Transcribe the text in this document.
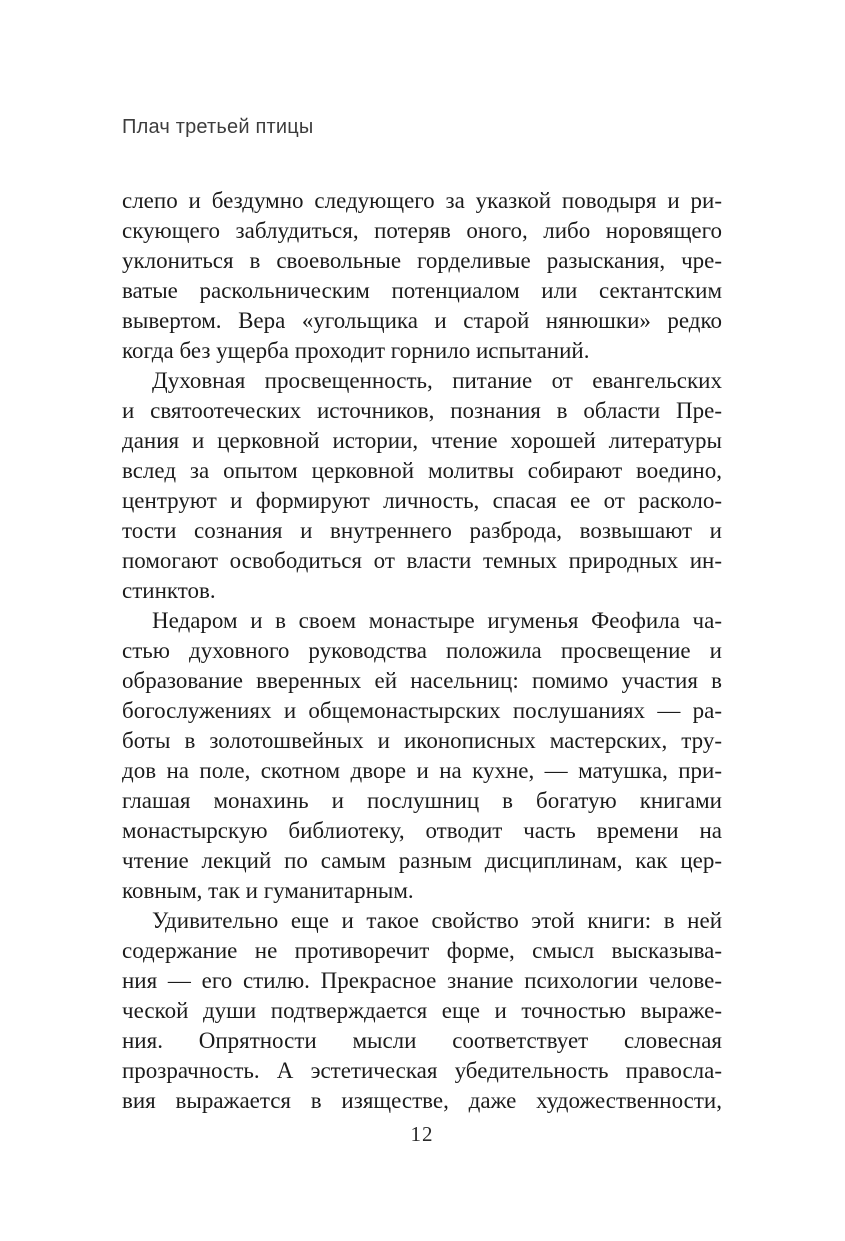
Плач третьей птицы
слепо и бездумно следующего за указкой поводыря и ри-
скующего заблудиться, потеряв оного, либо норовящего
уклониться в своевольные горделивые разыскания, чре-
ватые раскольническим потенциалом или сектантским
вывертом. Вера «угольщика и старой нянюшки» редко
когда без ущерба проходит горнило испытаний.
Духовная просвещенность, питание от евангельских
и святоотеческих источников, познания в области Пре-
дания и церковной истории, чтение хорошей литературы
вслед за опытом церковной молитвы собирают воедино,
центруют и формируют личность, спасая ее от расколо-
тости сознания и внутреннего разброда, возвышают и
помогают освободиться от власти темных природных ин-
стинктов.
Недаром и в своем монастыре игуменья Феофила ча-
стью духовного руководства положила просвещение и
образование вверенных ей насельниц: помимо участия в
богослужениях и общемонастырских послушаниях — ра-
боты в золотошвейных и иконописных мастерских, тру-
дов на поле, скотном дворе и на кухне, — матушка, при-
глашая монахинь и послушниц в богатую книгами
монастырскую библиотеку, отводит часть времени на
чтение лекций по самым разным дисциплинам, как цер-
ковным, так и гуманитарным.
Удивительно еще и такое свойство этой книги: в ней
содержание не противоречит форме, смысл высказыва-
ния — его стилю. Прекрасное знание психологии челове-
ческой души подтверждается еще и точностью выраже-
ния. Опрятности мысли соответствует словесная
прозрачность. А эстетическая убедительность правосла-
вия выражается в изяществе, даже художественности,
12
